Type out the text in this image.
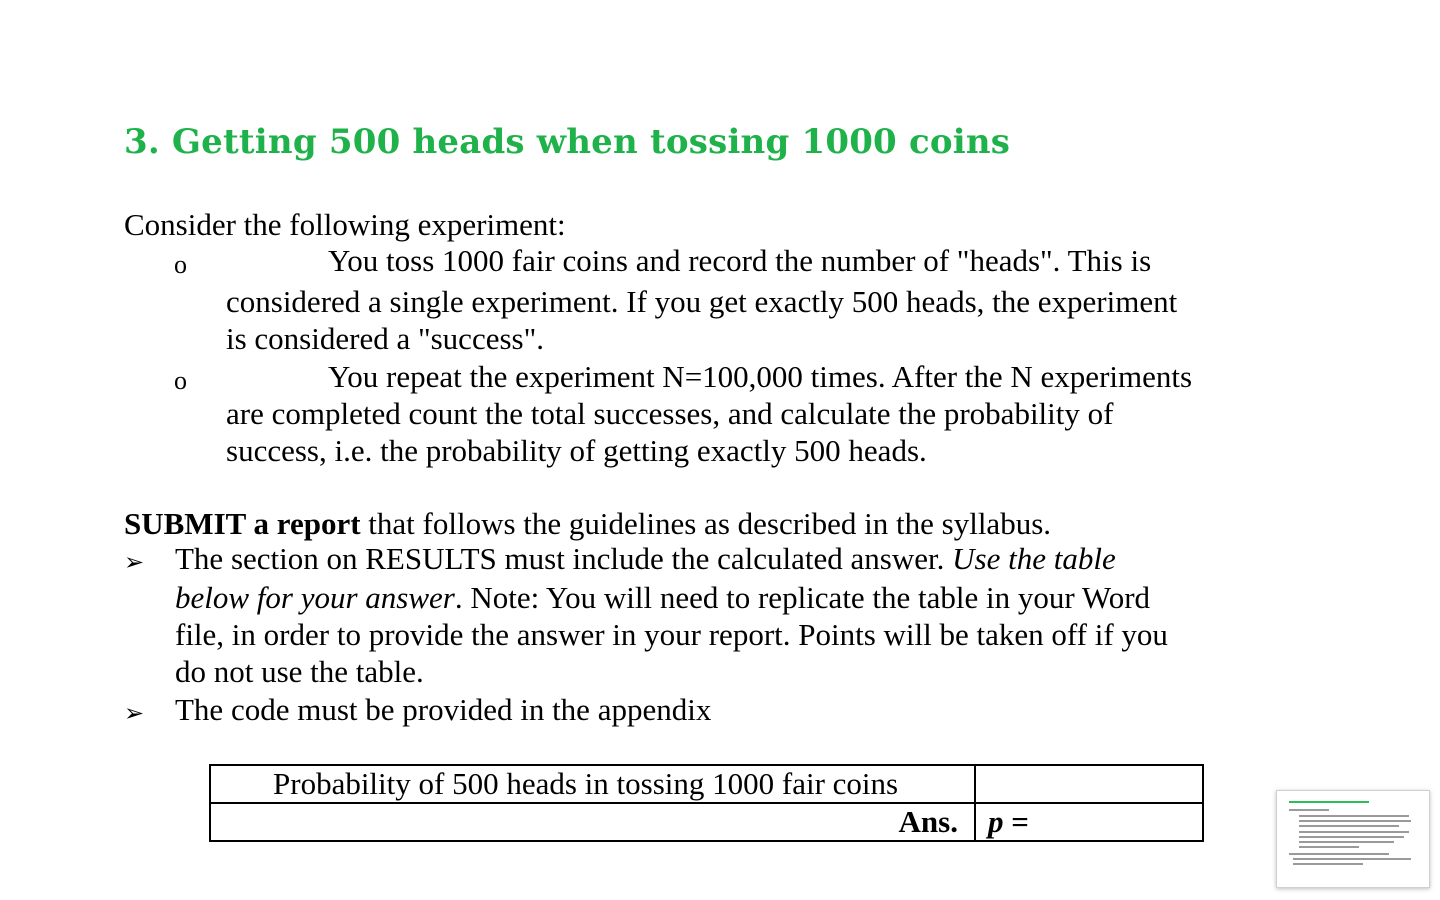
3. Getting 500 heads when tossing 1000 coins
Consider the following experiment:
o	You toss 1000 fair coins and record the number of "heads". This is
considered a single experiment. If you get exactly 500 heads, the experiment
is considered a "success".
o	You repeat the experiment N=100,000 times. After the N experiments
are completed count the total successes, and calculate the probability of
success, i.e. the probability of getting exactly 500 heads.
SUBMIT a report that follows the guidelines as described in the syllabus.
➢ The section on RESULTS must include the calculated answer. Use the table
below for your answer. Note: You will need to replicate the table in your Word
file, in order to provide the answer in your report. Points will be taken off if you
do not use the table.
➢ The code must be provided in the appendix
Probability of 500 heads in tossing 1000 fair coins	
Ans.	p =
